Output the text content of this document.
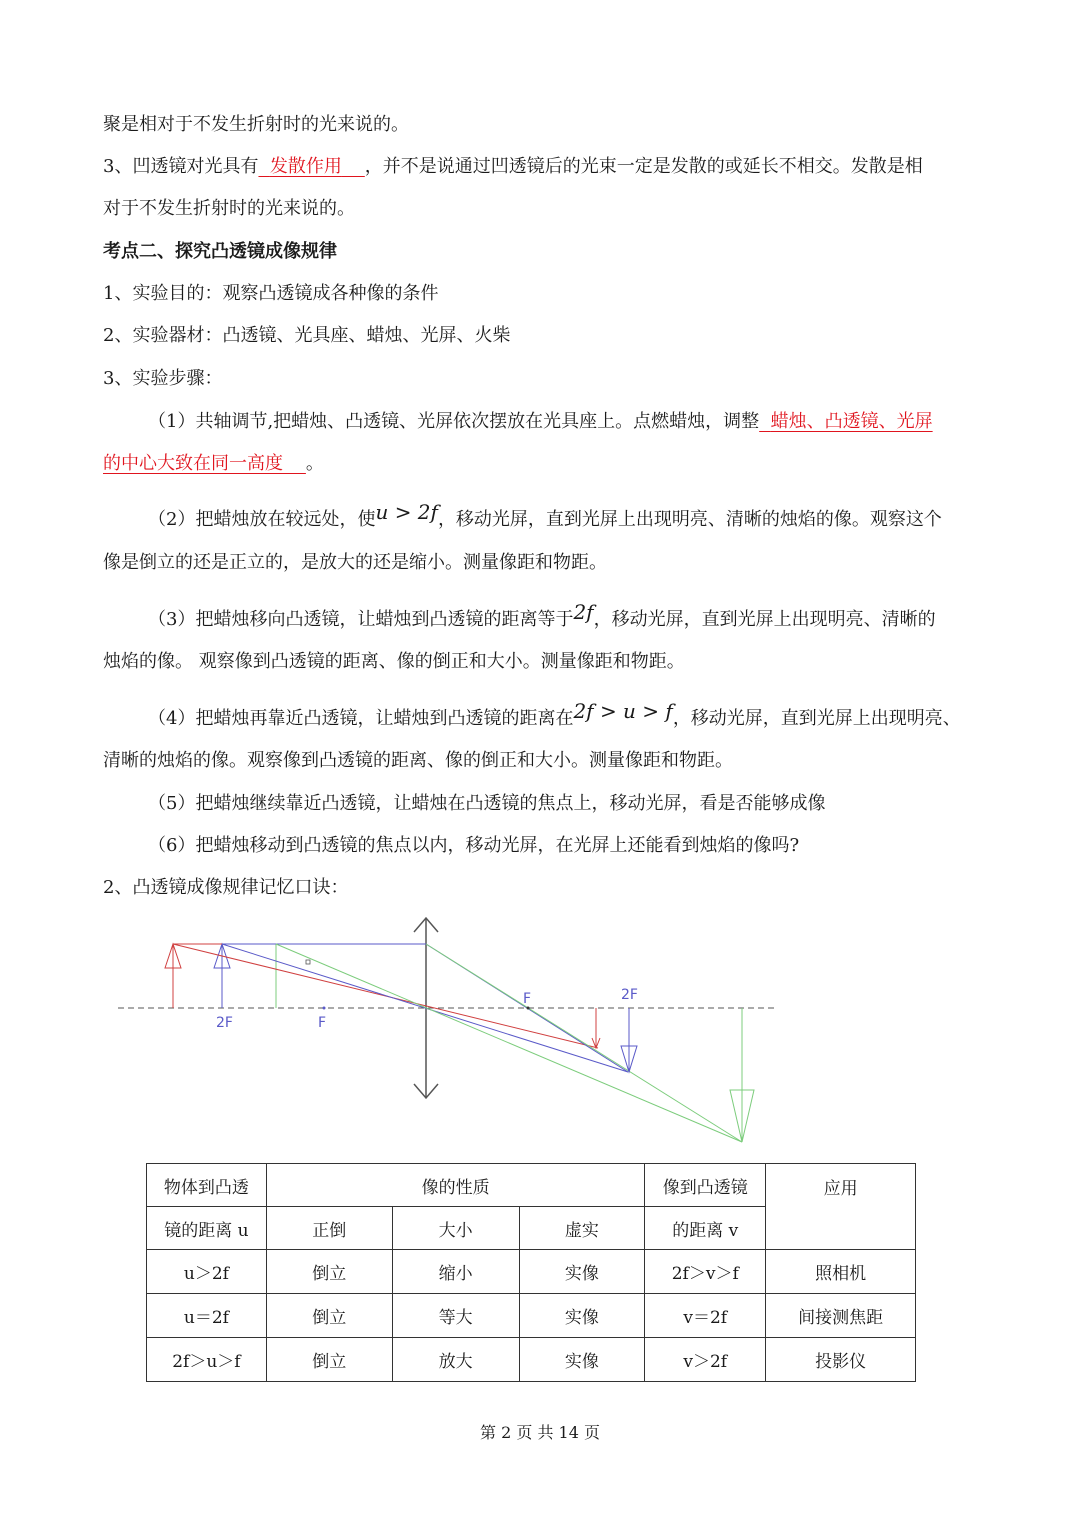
聚是相对于不发生折射时的光来说的。
3、凹透镜对光具有 发散作用 ，并不是说通过凹透镜后的光束一定是发散的或延长不相交。发散是相
对于不发生折射时的光来说的。
考点二、探究凸透镜成像规律
1、实验目的：观察凸透镜成各种像的条件
2、实验器材：凸透镜、光具座、蜡烛、光屏、火柴
3、实验步骤：
（1）共轴调节,把蜡烛、凸透镜、光屏依次摆放在光具座上。点燃蜡烛，调整 蜡烛、凸透镜、光屏
的中心大致在同一高度 。
（2）把蜡烛放在较远处，使u > 2f，移动光屏，直到光屏上出现明亮、清晰的烛焰的像。观察这个
像是倒立的还是正立的，是放大的还是缩小。测量像距和物距。
（3）把蜡烛移向凸透镜，让蜡烛到凸透镜的距离等于2f，移动光屏，直到光屏上出现明亮、清晰的
烛焰的像。 观察像到凸透镜的距离、像的倒正和大小。测量像距和物距。
（4）把蜡烛再靠近凸透镜，让蜡烛到凸透镜的距离在2f > u > f，移动光屏，直到光屏上出现明亮、
清晰的烛焰的像。观察像到凸透镜的距离、像的倒正和大小。测量像距和物距。
（5）把蜡烛继续靠近凸透镜，让蜡烛在凸透镜的焦点上，移动光屏，看是否能够成像
（6）把蜡烛移动到凸透镜的焦点以内，移动光屏，在光屏上还能看到烛焰的像吗?
2、凸透镜成像规律记忆口诀：
2F	F
F	2F
物体到凸透	像的性质			像到凸透镜	应用
镜的距离 u	正倒	大小	虚实	的距离 v	
u＞2f	倒立	缩小	实像	2f＞v＞f	照相机
u＝2f	倒立	等大	实像	v＝2f	间接测焦距
2f＞u＞f	倒立	放大	实像	v＞2f	投影仪
第 2 页 共 14 页
